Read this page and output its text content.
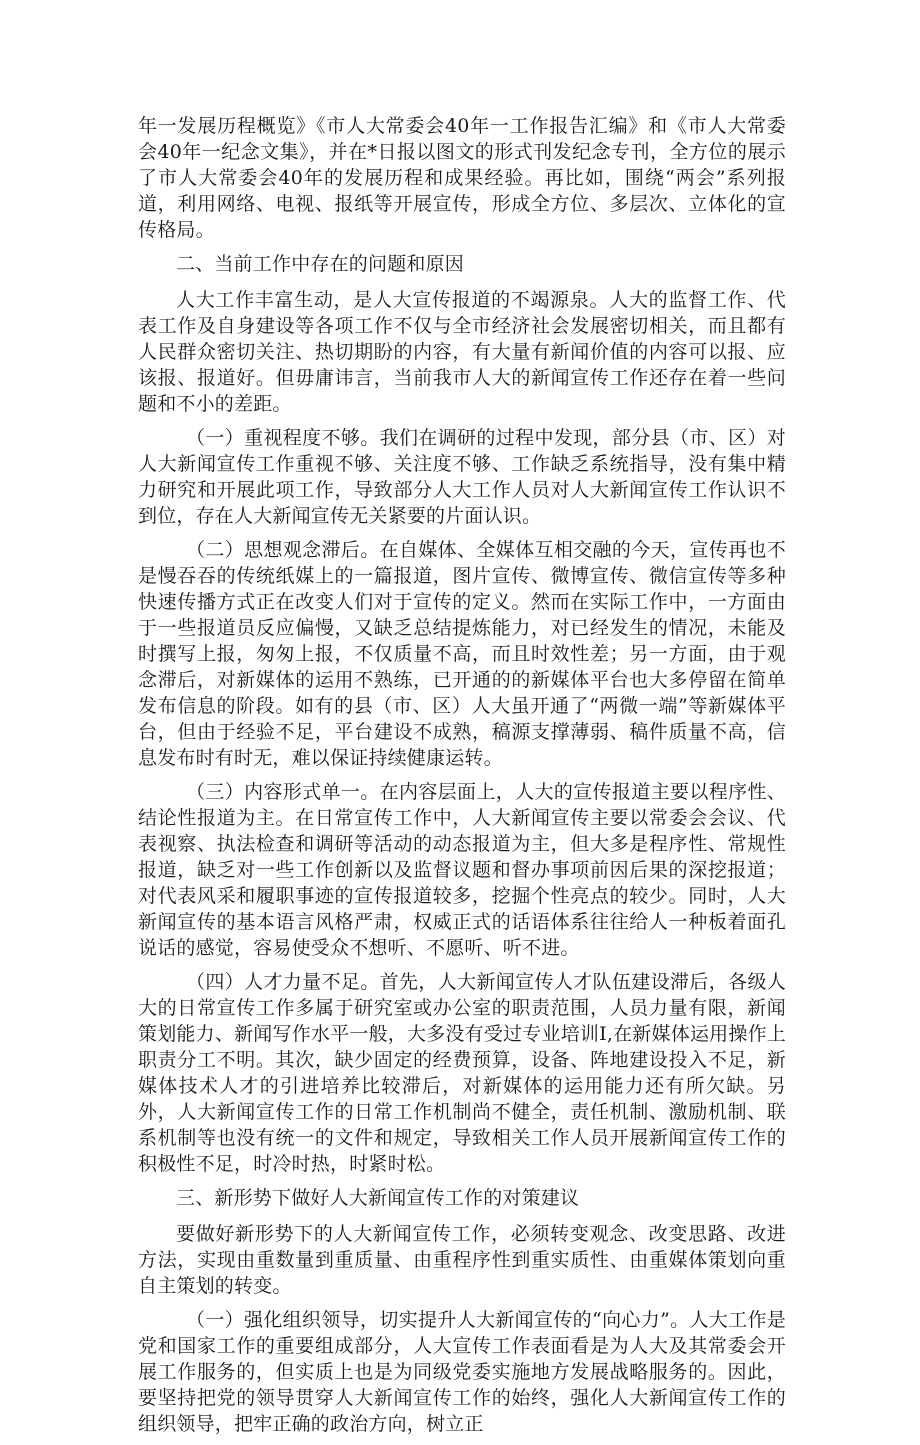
年一发展历程概览》《市人大常委会40年一工作报告汇编》和《市人大常委会40年一纪念文集》，并在*日报以图文的形式刊发纪念专刊，全方位的展示了市人大常委会40年的发展历程和成果经验。再比如，围绕“两会”系列报道，利用网络、电视、报纸等开展宣传，形成全方位、多层次、立体化的宣传格局。

二、当前工作中存在的问题和原因

人大工作丰富生动，是人大宣传报道的不竭源泉。人大的监督工作、代表工作及自身建设等各项工作不仅与全市经济社会发展密切相关，而且都有人民群众密切关注、热切期盼的内容，有大量有新闻价值的内容可以报、应该报、报道好。但毋庸讳言，当前我市人大的新闻宣传工作还存在着一些问题和不小的差距。

（一）重视程度不够。我们在调研的过程中发现，部分县（市、区）对人大新闻宣传工作重视不够、关注度不够、工作缺乏系统指导，没有集中精力研究和开展此项工作，导致部分人大工作人员对人大新闻宣传工作认识不到位，存在人大新闻宣传无关紧要的片面认识。

（二）思想观念滞后。在自媒体、全媒体互相交融的今天，宣传再也不是慢吞吞的传统纸媒上的一篇报道，图片宣传、微博宣传、微信宣传等多种快速传播方式正在改变人们对于宣传的定义。然而在实际工作中，一方面由于一些报道员反应偏慢，又缺乏总结提炼能力，对已经发生的情况，未能及时撰写上报，匆匆上报，不仅质量不高，而且时效性差；另一方面，由于观念滞后，对新媒体的运用不熟练，已开通的的新媒体平台也大多停留在简单发布信息的阶段。如有的县（市、区）人大虽开通了“两微一端”等新媒体平台，但由于经验不足，平台建设不成熟，稿源支撑薄弱、稿件质量不高，信息发布时有时无，难以保证持续健康运转。

（三）内容形式单一。在内容层面上，人大的宣传报道主要以程序性、结论性报道为主。在日常宣传工作中，人大新闻宣传主要以常委会会议、代表视察、执法检查和调研等活动的动态报道为主，但大多是程序性、常规性报道，缺乏对一些工作创新以及监督议题和督办事项前因后果的深挖报道；对代表风采和履职事迹的宣传报道较多，挖掘个性亮点的较少。同时，人大新闻宣传的基本语言风格严肃，权威正式的话语体系往往给人一种板着面孔说话的感觉，容易使受众不想听、不愿听、听不进。

（四）人才力量不足。首先，人大新闻宣传人才队伍建设滞后，各级人大的日常宣传工作多属于研究室或办公室的职责范围，人员力量有限，新闻策划能力、新闻写作水平一般，大多没有受过专业培训I,在新媒体运用操作上职责分工不明。其次，缺少固定的经费预算，设备、阵地建设投入不足，新媒体技术人才的引进培养比较滞后，对新媒体的运用能力还有所欠缺。另外，人大新闻宣传工作的日常工作机制尚不健全，责任机制、激励机制、联系机制等也没有统一的文件和规定，导致相关工作人员开展新闻宣传工作的积极性不足，时冷时热，时紧时松。

三、新形势下做好人大新闻宣传工作的对策建议

要做好新形势下的人大新闻宣传工作，必须转变观念、改变思路、改进方法，实现由重数量到重质量、由重程序性到重实质性、由重媒体策划向重自主策划的转变。

（一）强化组织领导，切实提升人大新闻宣传的“向心力”。人大工作是党和国家工作的重要组成部分，人大宣传工作表面看是为人大及其常委会开展工作服务的，但实质上也是为同级党委实施地方发展战略服务的。因此，要坚持把党的领导贯穿人大新闻宣传工作的始终，强化人大新闻宣传工作的组织领导，把牢正确的政治方向，树立正
